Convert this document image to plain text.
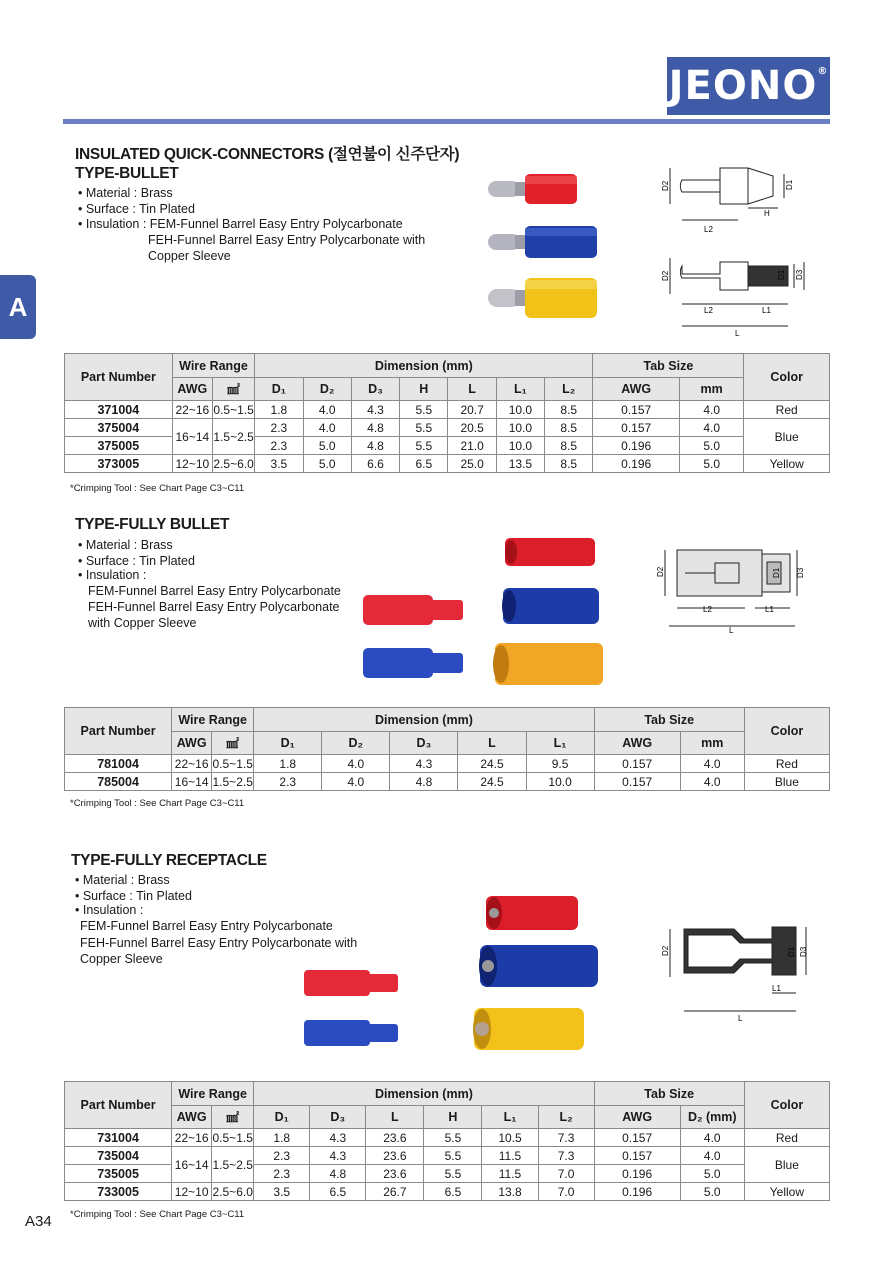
JEONO®
A
INSULATED QUICK-CONNECTORS (절연불이 신주단자)
TYPE-BULLET
• Material : Brass
• Surface : Tin Plated
• Insulation : FEM-Funnel Barrel Easy Entry Polycarbonate
FEH-Funnel Barrel Easy Entry Polycarbonate with
Copper Sleeve
D2	D1
H
L2
D2	D1 D3
L2	L1
L
Part Number	Wire Range		Dimension (mm)							Tab Size		Color
	AWG	㎟	D₁	D₂	D₃	H	L	L₁	L₂	AWG	mm	
371004	22~16	0.5~1.5	1.8	4.0	4.3	5.5	20.7	10.0	8.5	0.157	4.0	Red
375004	16~14	1.5~2.5	2.3	4.0	4.8	5.5	20.5	10.0	8.5	0.157	4.0	Blue
375005			2.3	5.0	4.8	5.5	21.0	10.0	8.5	0.196	5.0	
373005	12~10	2.5~6.0	3.5	5.0	6.6	6.5	25.0	13.5	8.5	0.196	5.0	Yellow
*Crimping Tool : See Chart Page C3~C11
TYPE-FULLY BULLET
• Material : Brass
• Surface : Tin Plated
• Insulation :
FEM-Funnel Barrel Easy Entry Polycarbonate
FEH-Funnel Barrel Easy Entry Polycarbonate
with Copper Sleeve
D2	D1 D3
L2	L1
L
Part Number	Wire Range		Dimension (mm)					Tab Size		Color
	AWG	㎟	D₁	D₂	D₃	L	L₁	AWG	mm	
781004	22~16	0.5~1.5	1.8	4.0	4.3	24.5	9.5	0.157	4.0	Red
785004	16~14	1.5~2.5	2.3	4.0	4.8	24.5	10.0	0.157	4.0	Blue
*Crimping Tool : See Chart Page C3~C11
TYPE-FULLY RECEPTACLE
• Material : Brass
• Surface : Tin Plated
• Insulation :
FEM-Funnel Barrel Easy Entry Polycarbonate
FEH-Funnel Barrel Easy Entry Polycarbonate with
Copper Sleeve
D2	D1 D3
L1
L
Part Number	Wire Range		Dimension (mm)						Tab Size		Color
	AWG	㎟	D₁	D₃	L	H	L₁	L₂	AWG	D₂ (mm)	
731004	22~16	0.5~1.5	1.8	4.3	23.6	5.5	10.5	7.3	0.157	4.0	Red
735004	16~14	1.5~2.5	2.3	4.3	23.6	5.5	11.5	7.3	0.157	4.0	Blue
735005			2.3	4.8	23.6	5.5	11.5	7.0	0.196	5.0	
733005	12~10	2.5~6.0	3.5	6.5	26.7	6.5	13.8	7.0	0.196	5.0	Yellow
*Crimping Tool : See Chart Page C3~C11
A34
